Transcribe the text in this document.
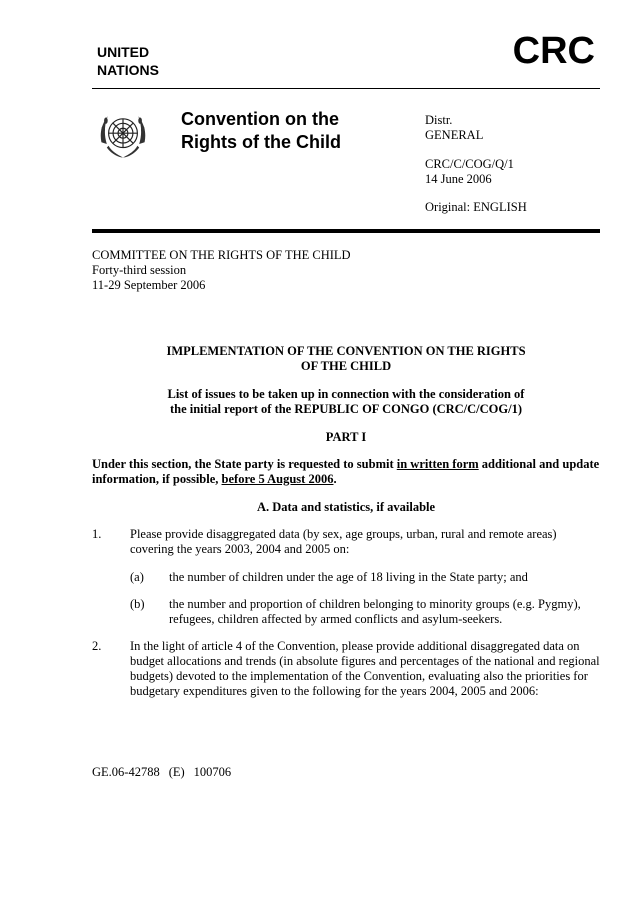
UNITED
NATIONS	CRC
Convention on the
Rights of the Child

Distr.

GENERAL

CRC/C/COG/Q/1
14 June 2006
Original: ENGLISH
COMMITTEE ON THE RIGHTS OF THE CHILD
Forty-third session
11-29 September 2006
IMPLEMENTATION OF THE CONVENTION ON THE RIGHTS
OF THE CHILD
List of issues to be taken up in connection with the consideration of
the initial report of the REPUBLIC OF CONGO (CRC/C/COG/1)
PART I
Under this section, the State party is requested to submit in written form additional and update information, if possible, before 5 August 2006.
A. Data and statistics, if available
1. Please provide disaggregated data (by sex, age groups, urban, rural and remote areas) covering the years 2003, 2004 and 2005 on:
(a) the number of children under the age of 18 living in the State party; and
(b) the number and proportion of children belonging to minority groups (e.g. Pygmy), refugees, children affected by armed conflicts and asylum-seekers.
2. In the light of article 4 of the Convention, please provide additional disaggregated data on budget allocations and trends (in absolute figures and percentages of the national and regional budgets) devoted to the implementation of the Convention, evaluating also the priorities for budgetary expenditures given to the following for the years 2004, 2005 and 2006:
GE.06-42788 (E) 100706
